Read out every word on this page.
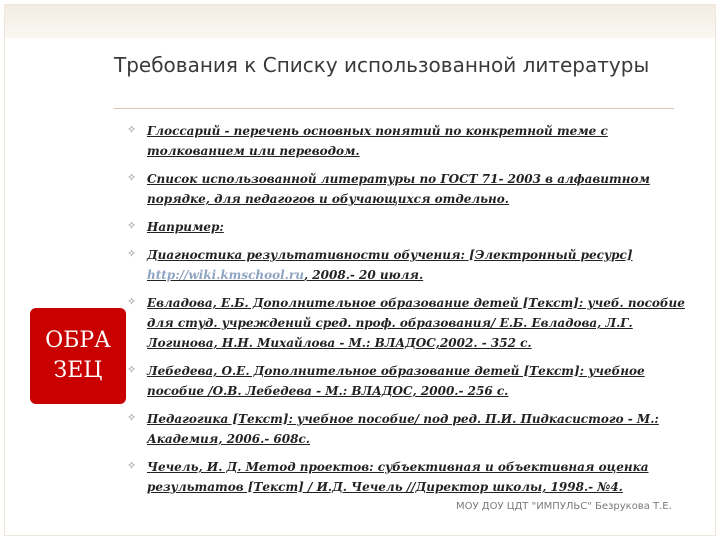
Требования к Списку использованной литературы
ОБРА
ЗЕЦ
✧ Глоссарий - перечень основных понятий по конкретной теме с толкованием или переводом.
✧ Список использованной литературы по ГОСТ 71- 2003 в алфавитном порядке, для педагогов и обучающихся отдельно.
✧ Например:
✧ Диагностика результативности обучения: [Электронный ресурс] http://wiki.kmschool.ru, 2008.- 20 июля.
✧ Евладова, Е.Б. Дополнительное образование детей [Текст]: учеб. пособие для студ. учреждений сред. проф. образования/ Е.Б. Евладова, Л.Г. Логинова, Н.Н. Михайлова - М.: ВЛАДОС,2002. - 352 с.
✧ Лебедева, О.Е. Дополнительное образование детей [Текст]: учебное пособие /О.В. Лебедева - М.: ВЛАДОС, 2000.- 256 с.
✧ Педагогика [Текст]: учебное пособие/ под ред. П.И. Пидкасистого - М.: Академия, 2006.- 608с.
✧ Чечель, И. Д. Метод проектов: субъективная и объективная оценка результатов [Текст] / И.Д. Чечель //Директор школы, 1998.- №4.
МОУ ДОУ ЦДТ "ИМПУЛЬС" Безрукова Т.Е.
